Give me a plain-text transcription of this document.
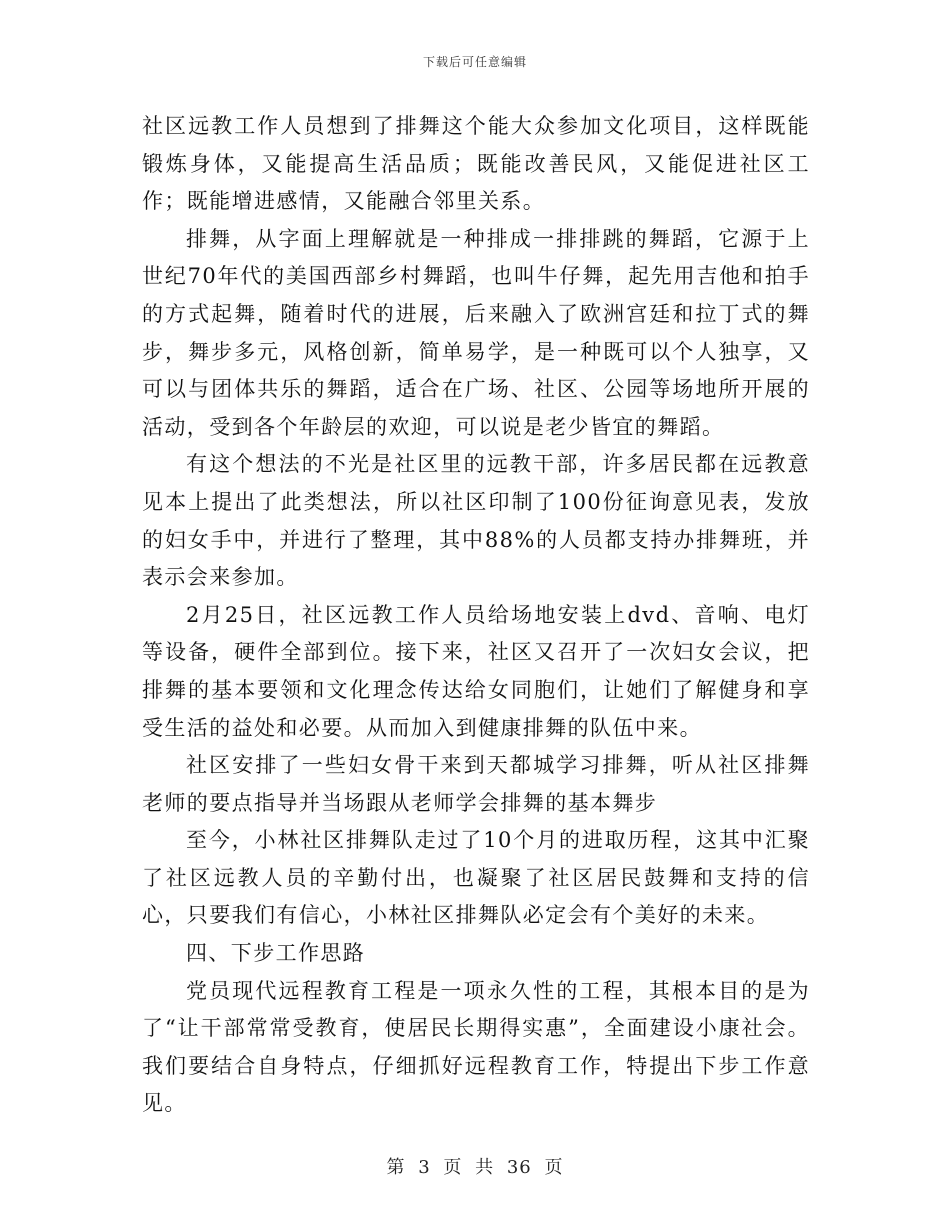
下载后可任意编辑

社区远教工作人员想到了排舞这个能大众参加文化项目，这样既能锻炼身体，又能提高生活品质；既能改善民风，又能促进社区工作；既能增进感情，又能融合邻里关系。

排舞，从字面上理解就是一种排成一排排跳的舞蹈，它源于上世纪70年代的美国西部乡村舞蹈，也叫牛仔舞，起先用吉他和拍手的方式起舞，随着时代的进展，后来融入了欧洲宫廷和拉丁式的舞步，舞步多元，风格创新，简单易学，是一种既可以个人独享，又可以与团体共乐的舞蹈，适合在广场、社区、公园等场地所开展的活动，受到各个年龄层的欢迎，可以说是老少皆宜的舞蹈。

有这个想法的不光是社区里的远教干部，许多居民都在远教意见本上提出了此类想法，所以社区印制了100份征询意见表，发放的妇女手中，并进行了整理，其中88%的人员都支持办排舞班，并表示会来参加。

2月25日，社区远教工作人员给场地安装上dvd、音响、电灯等设备，硬件全部到位。接下来，社区又召开了一次妇女会议，把排舞的基本要领和文化理念传达给女同胞们，让她们了解健身和享受生活的益处和必要。从而加入到健康排舞的队伍中来。

社区安排了一些妇女骨干来到天都城学习排舞，听从社区排舞老师的要点指导并当场跟从老师学会排舞的基本舞步

至今，小林社区排舞队走过了10个月的进取历程，这其中汇聚了社区远教人员的辛勤付出，也凝聚了社区居民鼓舞和支持的信心，只要我们有信心，小林社区排舞队必定会有个美好的未来。

四、下步工作思路

党员现代远程教育工程是一项永久性的工程，其根本目的是为了“让干部常常受教育，使居民长期得实惠”，全面建设小康社会。我们要结合自身特点，仔细抓好远程教育工作，特提出下步工作意见。

第 3 页 共 36 页
